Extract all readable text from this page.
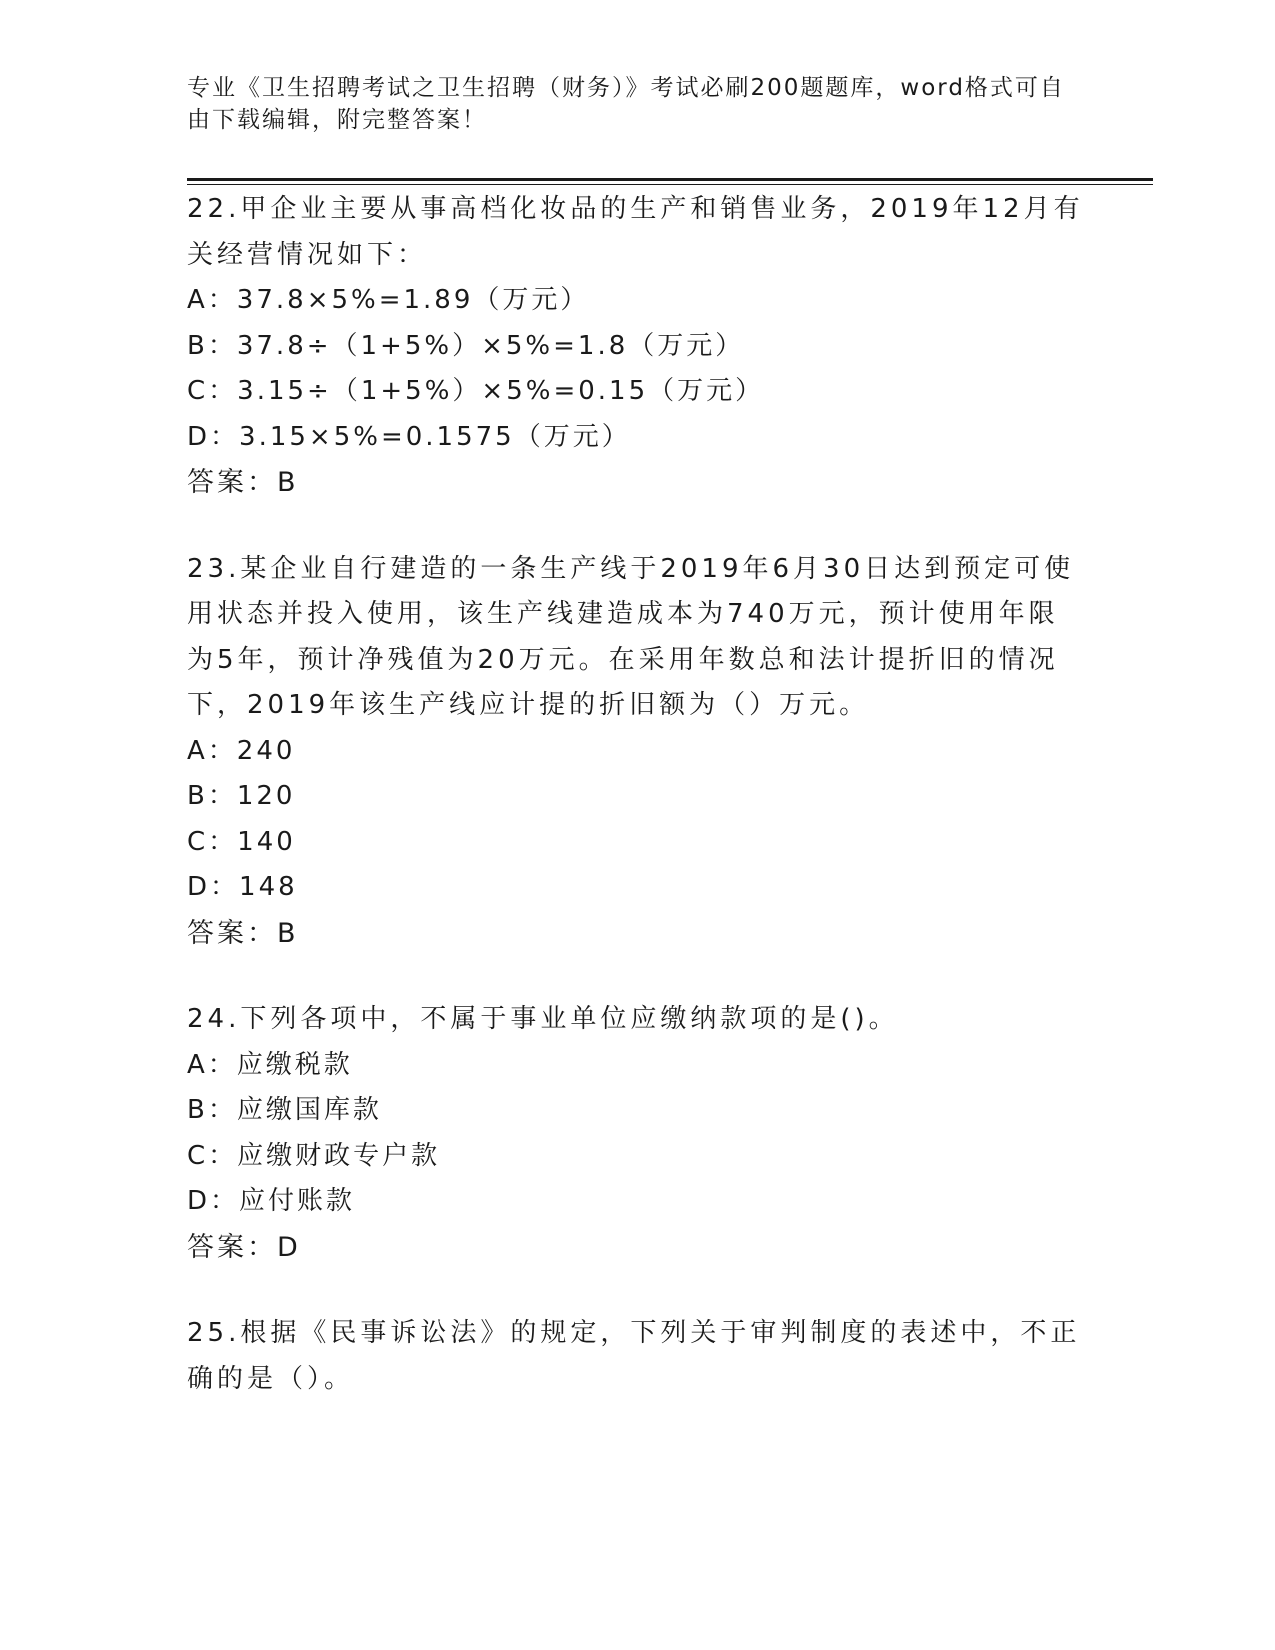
专业《卫生招聘考试之卫生招聘（财务）》考试必刷200题题库，word格式可自由下载编辑，附完整答案！
22.甲企业主要从事高档化妆品的生产和销售业务，2019年12月有关经营情况如下：
A：37.8×5%=1.89（万元）
B：37.8÷（1+5%）×5%=1.8（万元）
C：3.15÷（1+5%）×5%=0.15（万元）
D：3.15×5%=0.1575（万元）
答案：B
23.某企业自行建造的一条生产线于2019年6月30日达到预定可使用状态并投入使用，该生产线建造成本为740万元，预计使用年限为5年，预计净残值为20万元。在采用年数总和法计提折旧的情况下，2019年该生产线应计提的折旧额为（）万元。
A：240
B：120
C：140
D：148
答案：B
24.下列各项中，不属于事业单位应缴纳款项的是()。
A：应缴税款
B：应缴国库款
C：应缴财政专户款
D：应付账款
答案：D
25.根据《民事诉讼法》的规定，下列关于审判制度的表述中，不正确的是（）。
